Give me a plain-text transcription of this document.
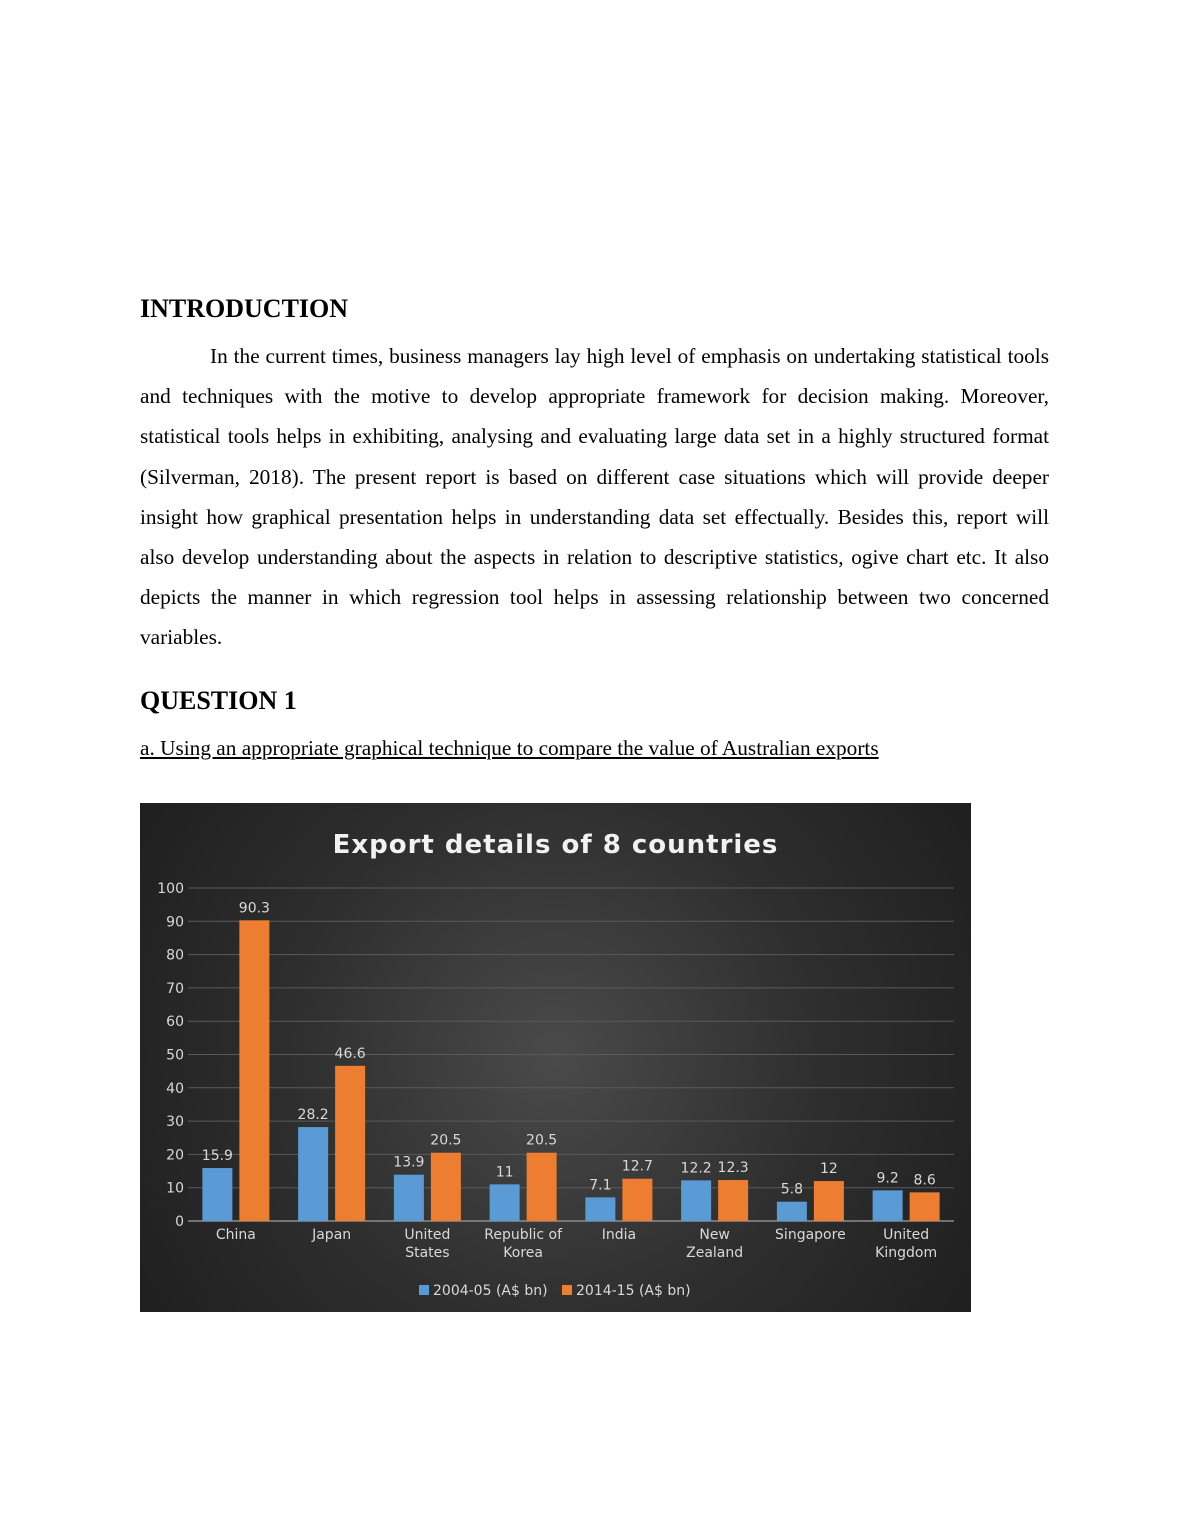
INTRODUCTION

In the current times, business managers lay high level of emphasis on undertaking statistical tools and techniques with the motive to develop appropriate framework for decision making. Moreover, statistical tools helps in exhibiting, analysing and evaluating large data set in a highly structured format (Silverman, 2018). The present report is based on different case situations which will provide deeper insight how graphical presentation helps in understanding data set effectually. Besides this, report will also develop understanding about the aspects in relation to descriptive statistics, ogive chart etc. It also depicts the manner in which regression tool helps in assessing relationship between two concerned variables.

QUESTION 1

a. Using an appropriate graphical technique to compare the value of Australian exports

Export details of 8 countries
0
10
20
30
40
50
60
70
80
90
100
15.9
90.3
China
28.2
46.6
Japan
13.9
20.5
United
States
11
20.5
Republic of
Korea
7.1
12.7
India
12.2 12.3
New
Zealand
5.8
12
Singapore
9.2 8.6
United
Kingdom
2004-05 (A$ bn) 2014-15 (A$ bn)
